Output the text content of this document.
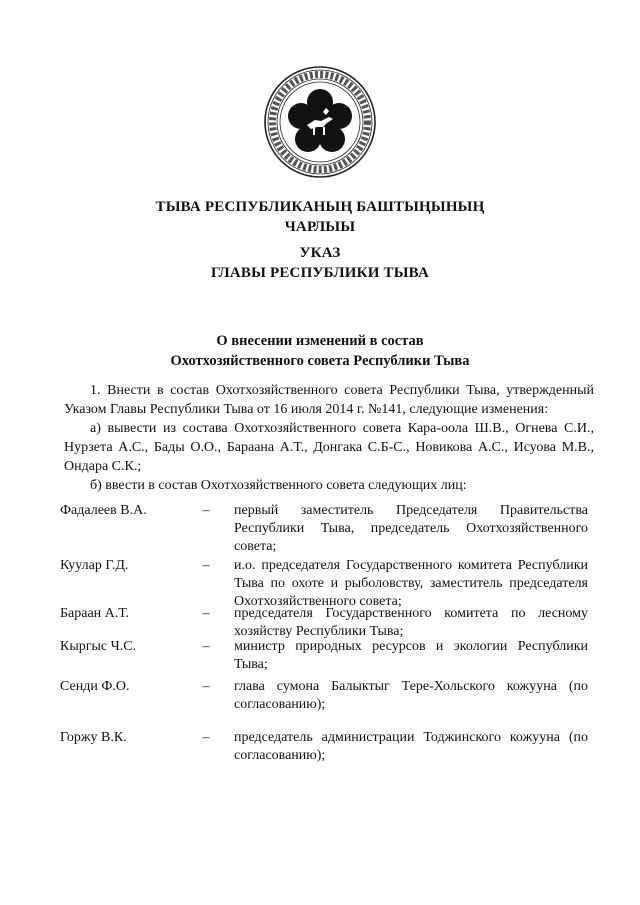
ТЫВА РЕСПУБЛИКАНЫҢ БАШТЫҢЫНЫҢ
ЧАРЛЫЫ
УКАЗ
ГЛАВЫ РЕСПУБЛИКИ ТЫВА
О внесении изменений в состав
Охотхозяйственного совета Республики Тыва

1. Внести в состав Охотхозяйственного совета Республики Тыва, утвержденный Указом Главы Республики Тыва от 16 июля 2014 г. №141, следующие изменения:

а) вывести из состава Охотхозяйственного совета Кара-оола Ш.В., Огнева С.И., Нурзета А.С., Бады О.О., Бараана А.Т., Донгака С.Б-С., Новикова А.С., Исуова М.В., Ондара С.К.;

б) ввести в состав Охотхозяйственного совета следующих лиц:

Фадалеев В.А.	–	первый заместитель Председателя Правительства Республики Тыва, председатель Охотхозяйственного совета;
Куулар Г.Д.	–	и.о. председателя Государственного комитета Республики Тыва по охоте и рыболовству, заместитель председателя Охотхозяйственного совета;
Бараан А.Т.	–	председателя Государственного комитета по лесному хозяйству Республики Тыва;
Кыргыс Ч.С.	–	министр природных ресурсов и экологии Республики Тыва;
Сенди Ф.О.	–	глава сумона Балыктыг Тере-Хольского кожууна (по согласованию);
Горжу В.К.	–	председатель администрации Тоджинского кожууна (по согласованию);
